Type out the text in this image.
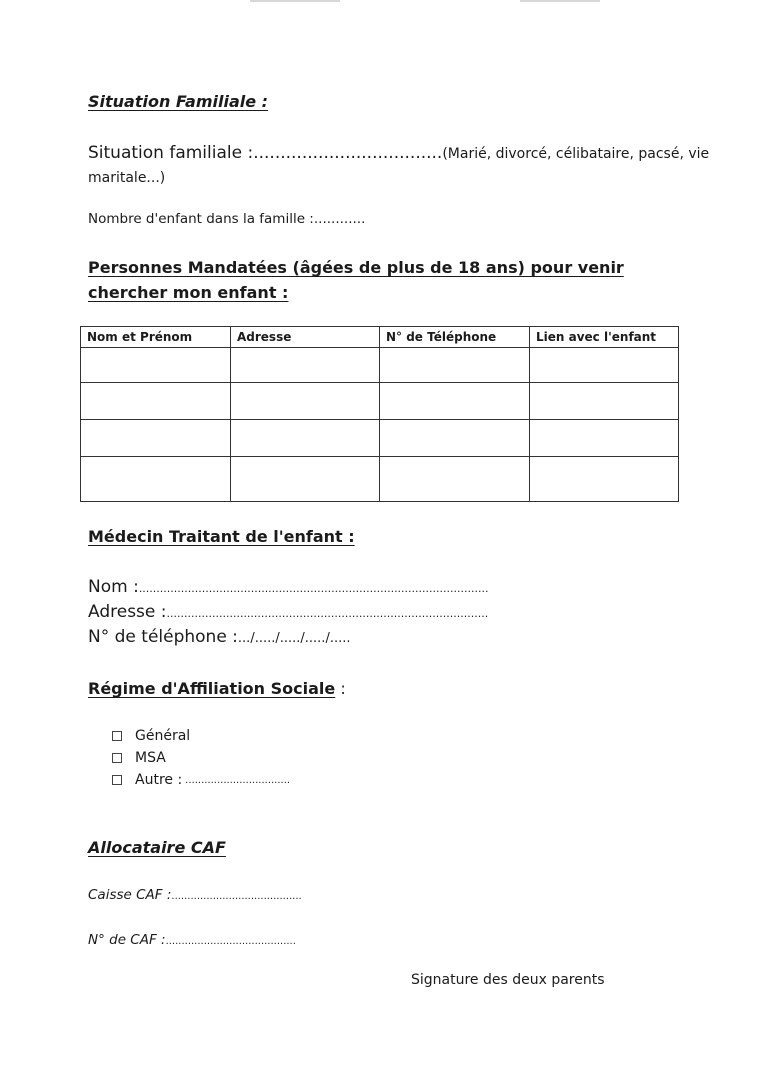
Situation Familiale :
Situation familiale :...................................(Marié, divorcé, célibataire, pacsé, vie
maritale...)
Nombre d'enfant dans la famille :............
Personnes Mandatées (âgées de plus de 18 ans) pour venir chercher mon enfant :
Nom et Prénom	Adresse	N° de Téléphone	Lien avec l'enfant

Médecin Traitant de l'enfant :
Nom :....................................................................................................
Adresse :............................................................................................
N° de téléphone :.../...../...../...../.....
Régime d'Affiliation Sociale :
Général
MSA
Autre : .................................
Allocataire CAF
Caisse CAF :.........................................
N° de CAF :.........................................
Signature des deux parents
